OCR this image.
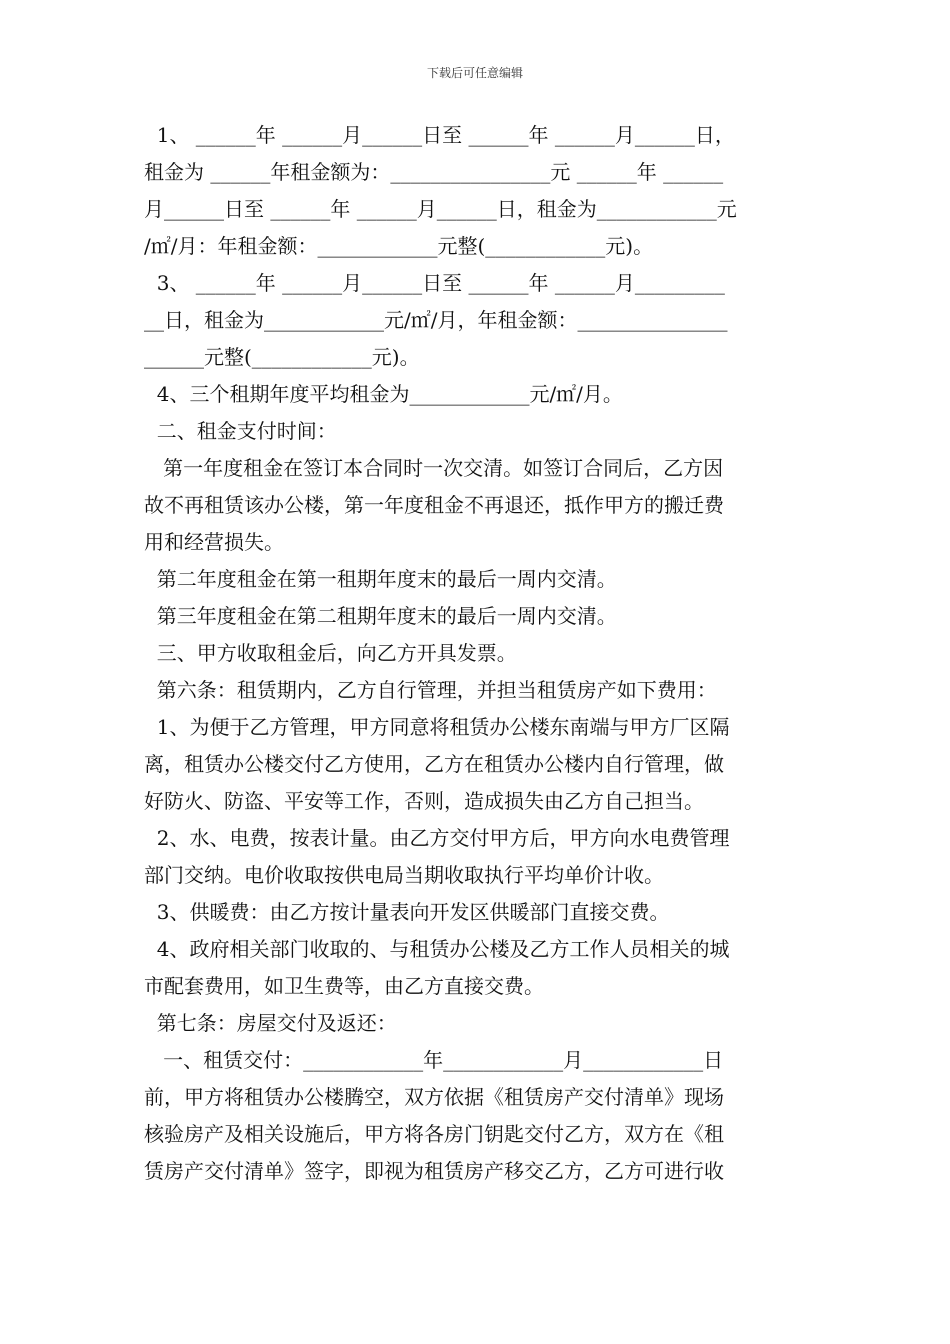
下载后可任意编辑
1、 ______年 ______月______日至 ______年 ______月______日，
租金为 ______年租金额为：________________元 ______年 ______
月______日至 ______年 ______月______日，租金为____________元
/㎡/月：年租金额：____________元整(____________元)。
3、 ______年 ______月______日至 ______年 ______月_________
__日，租金为____________元/㎡/月，年租金额：_______________
______元整(____________元)。
4、三个租期年度平均租金为____________元/㎡/月。
二、租金支付时间：
第一年度租金在签订本合同时一次交清。如签订合同后，乙方因
故不再租赁该办公楼，第一年度租金不再退还，抵作甲方的搬迁费
用和经营损失。
第二年度租金在第一租期年度末的最后一周内交清。
第三年度租金在第二租期年度末的最后一周内交清。
三、甲方收取租金后，向乙方开具发票。
第六条：租赁期内，乙方自行管理，并担当租赁房产如下费用：
1、为便于乙方管理，甲方同意将租赁办公楼东南端与甲方厂区隔
离，租赁办公楼交付乙方使用，乙方在租赁办公楼内自行管理，做
好防火、防盗、平安等工作，否则，造成损失由乙方自己担当。
2、水、电费，按表计量。由乙方交付甲方后，甲方向水电费管理
部门交纳。电价收取按供电局当期收取执行平均单价计收。
3、供暖费：由乙方按计量表向开发区供暖部门直接交费。
4、政府相关部门收取的、与租赁办公楼及乙方工作人员相关的城
市配套费用，如卫生费等，由乙方直接交费。
第七条：房屋交付及返还：
一、租赁交付：____________年____________月____________日
前，甲方将租赁办公楼腾空，双方依据《租赁房产交付清单》现场
核验房产及相关设施后，甲方将各房门钥匙交付乙方，双方在《租
赁房产交付清单》签字，即视为租赁房产移交乙方，乙方可进行收
